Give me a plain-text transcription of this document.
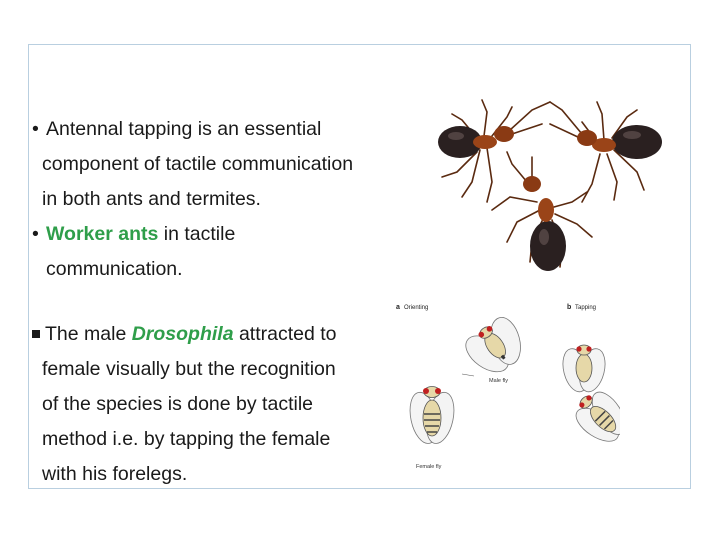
• Antennal tapping is an essential
component of tactile communication
in both ants and termites.
• Worker ants in tactile
communication.
The male Drosophila attracted to
female visually but the recognition
of the species is done by tactile
method i.e. by tapping the female
with his forelegs.
a Orienting	b Tapping
Male fly
Female fly
